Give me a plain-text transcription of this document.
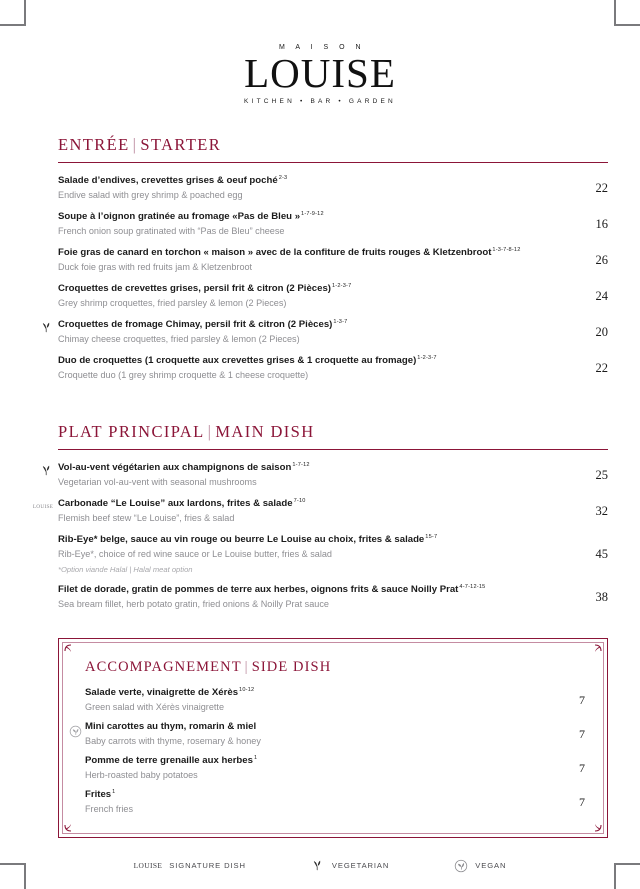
M A I S O N
LOUISE
KITCHEN • BAR • GARDEN
ENTRÉE | STARTER
Salade d’endives, crevettes grises & oeuf poché$^{2-3}$
Endive salad with grey shrimp & poached egg
22
Soupe à l’oignon gratinée au fromage «Pas de Bleu »$^{1-7-9-12}$
French onion soup gratinated with “Pas de Bleu” cheese
16
Foie gras de canard en torchon « maison » avec de la confiture de fruits rouges & Kletzenbroot$^{1-3-7-8-12}$
Duck foie gras with red fruits jam & Kletzenbroot
26
Croquettes de crevettes grises, persil frit & citron (2 Pièces)$^{1-2-3-7}$
Grey shrimp croquettes, fried parsley & lemon (2 Pieces)
24
Croquettes de fromage Chimay, persil frit & citron (2 Pièces)$^{1-3-7}$
Chimay cheese croquettes, fried parsley & lemon (2 Pieces)
20
Duo de croquettes (1 croquette aux crevettes grises & 1 croquette au fromage)$^{1-2-3-7}$
Croquette duo (1 grey shrimp croquette & 1 cheese croquette)
22
PLAT PRINCIPAL | MAIN DISH
Vol-au-vent végétarien aux champignons de saison$^{1-7-12}$
Vegetarian vol-au-vent with seasonal mushrooms
25
LOUISE Carbonade “Le Louise” aux lardons, frites & salade$^{7-10}$
Flemish beef stew “Le Louise”, fries & salad
32
Rib-Eye* belge, sauce au vin rouge ou beurre Le Louise au choix, frites & salade$^{15-7}$
Rib-Eye*, choice of red wine sauce or Le Louise butter, fries & salad
*Option viande Halal | Halal meat option
45
Filet de dorade, gratin de pommes de terre aux herbes, oignons frits & sauce Noilly Prat$^{4-7-12-15}$
Sea bream fillet, herb potato gratin, fried onions & Noilly Prat sauce
38
ACCOMPAGNEMENT | SIDE DISH
Salade verte, vinaigrette de Xérès$^{10-12}$
Green salad with Xérès vinaigrette
7
Mini carottes au thym, romarin & miel
Baby carrots with thyme, rosemary & honey
7
Pomme de terre grenaille aux herbes$^1$
Herb-roasted baby potatoes
7
Frites$^1$
French fries
7
LOUISE SIGNATURE DISH	VEGETARIAN	VEGAN
